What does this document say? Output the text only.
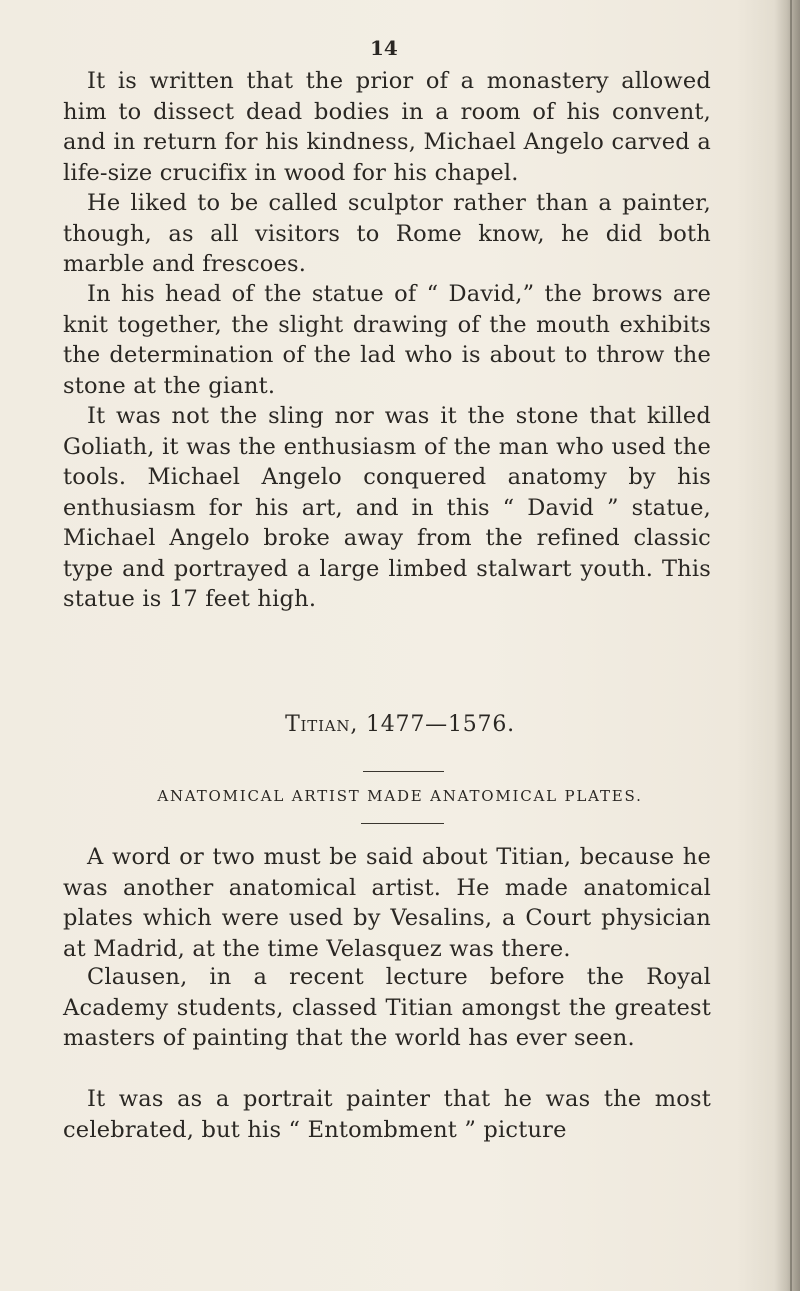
14

It is written that the prior of a monastery allowed him to dissect dead bodies in a room of his convent, and in return for his kindness, Michael Angelo carved a life-size crucifix in wood for his chapel.

He liked to be called sculptor rather than a painter, though, as all visitors to Rome know, he did both marble and frescoes.

In his head of the statue of “ David,” the brows are knit together, the slight drawing of the mouth exhibits the determination of the lad who is about to throw the stone at the giant.

It was not the sling nor was it the stone that killed Goliath, it was the enthusiasm of the man who used the tools. Michael Angelo conquered anatomy by his enthusiasm for his art, and in this “ David ” statue, Michael Angelo broke away from the refined classic type and portrayed a large limbed stalwart youth. This statue is 17 feet high.

Titian, 1477—1576.
ANATOMICAL ARTIST MADE ANATOMICAL PLATES.

A word or two must be said about Titian, because he was another anatomical artist. He made anatomical plates which were used by Vesalins, a Court physician at Madrid, at the time Velasquez was there.

Clausen, in a recent lecture before the Royal Academy students, classed Titian amongst the greatest masters of painting that the world has ever seen.

It was as a portrait painter that he was the most celebrated, but his “ Entombment ” picture
